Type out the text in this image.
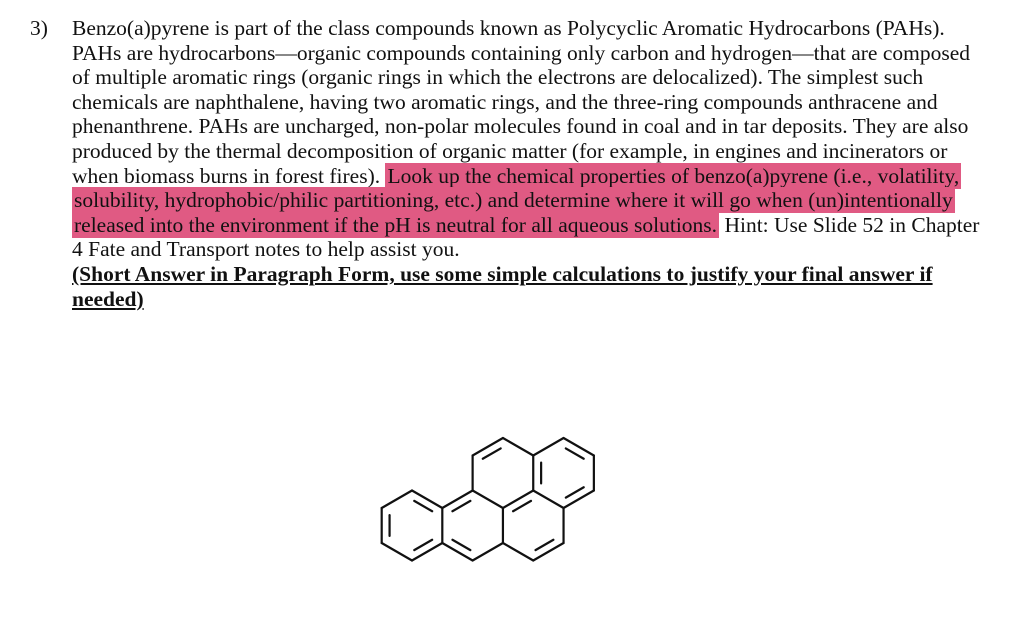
3)	Benzo(a)pyrene is part of the class compounds known as Polycyclic Aromatic Hydrocarbons (PAHs). PAHs are hydrocarbons—organic compounds containing only carbon and hydrogen—that are composed of multiple aromatic rings (organic rings in which the electrons are delocalized). The simplest such chemicals are naphthalene, having two aromatic rings, and the three-ring compounds anthracene and phenanthrene. PAHs are uncharged, non-polar molecules found in coal and in tar deposits. They are also produced by the thermal decomposition of organic matter (for example, in engines and incinerators or when biomass burns in forest fires). Look up the chemical properties of benzo(a)pyrene (i.e., volatility, solubility, hydrophobic/philic partitioning, etc.) and determine where it will go when (un)intentionally released into the environment if the pH is neutral for all aqueous solutions. Hint: Use Slide 52 in Chapter 4 Fate and Transport notes to help assist you.
(Short Answer in Paragraph Form, use some simple calculations to justify your final answer if needed)
